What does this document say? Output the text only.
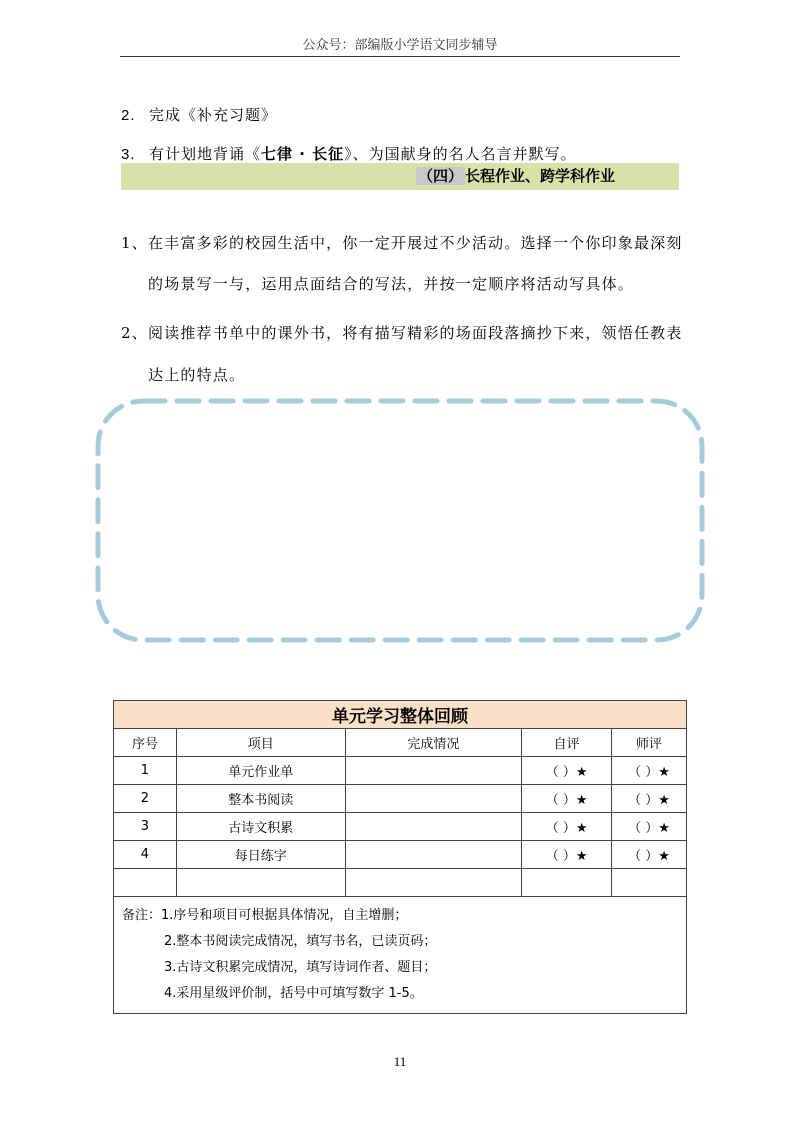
公众号：部编版小学语文同步辅导
2. 完成《补充习题》
3. 有计划地背诵《七律 · 长征》、为国献身的名人名言并默写。
（四） 长程作业、跨学科作业
1、在丰富多彩的校园生活中，你一定开展过不少活动。选择一个你印象最深刻
的场景写一与，运用点面结合的写法，并按一定顺序将活动写具体。
2、阅读推荐书单中的课外书，将有描写精彩的场面段落摘抄下来，领悟任教表
达上的特点。
单元学习整体回顾				
序号	项目	完成情况	自评	师评
1	单元作业单		（ ）★	（ ）★
2	整本书阅读		（ ）★	（ ）★
3	古诗文积累		（ ）★	（ ）★
4	每日练字		（ ）★	（ ）★

备注：1.序号和项目可根据具体情况，自主增删；
2.整本书阅读完成情况，填写书名，已读页码；
3.古诗文积累完成情况，填写诗词作者、题目；
4.采用星级评价制，括号中可填写数字 1-5。				
11
